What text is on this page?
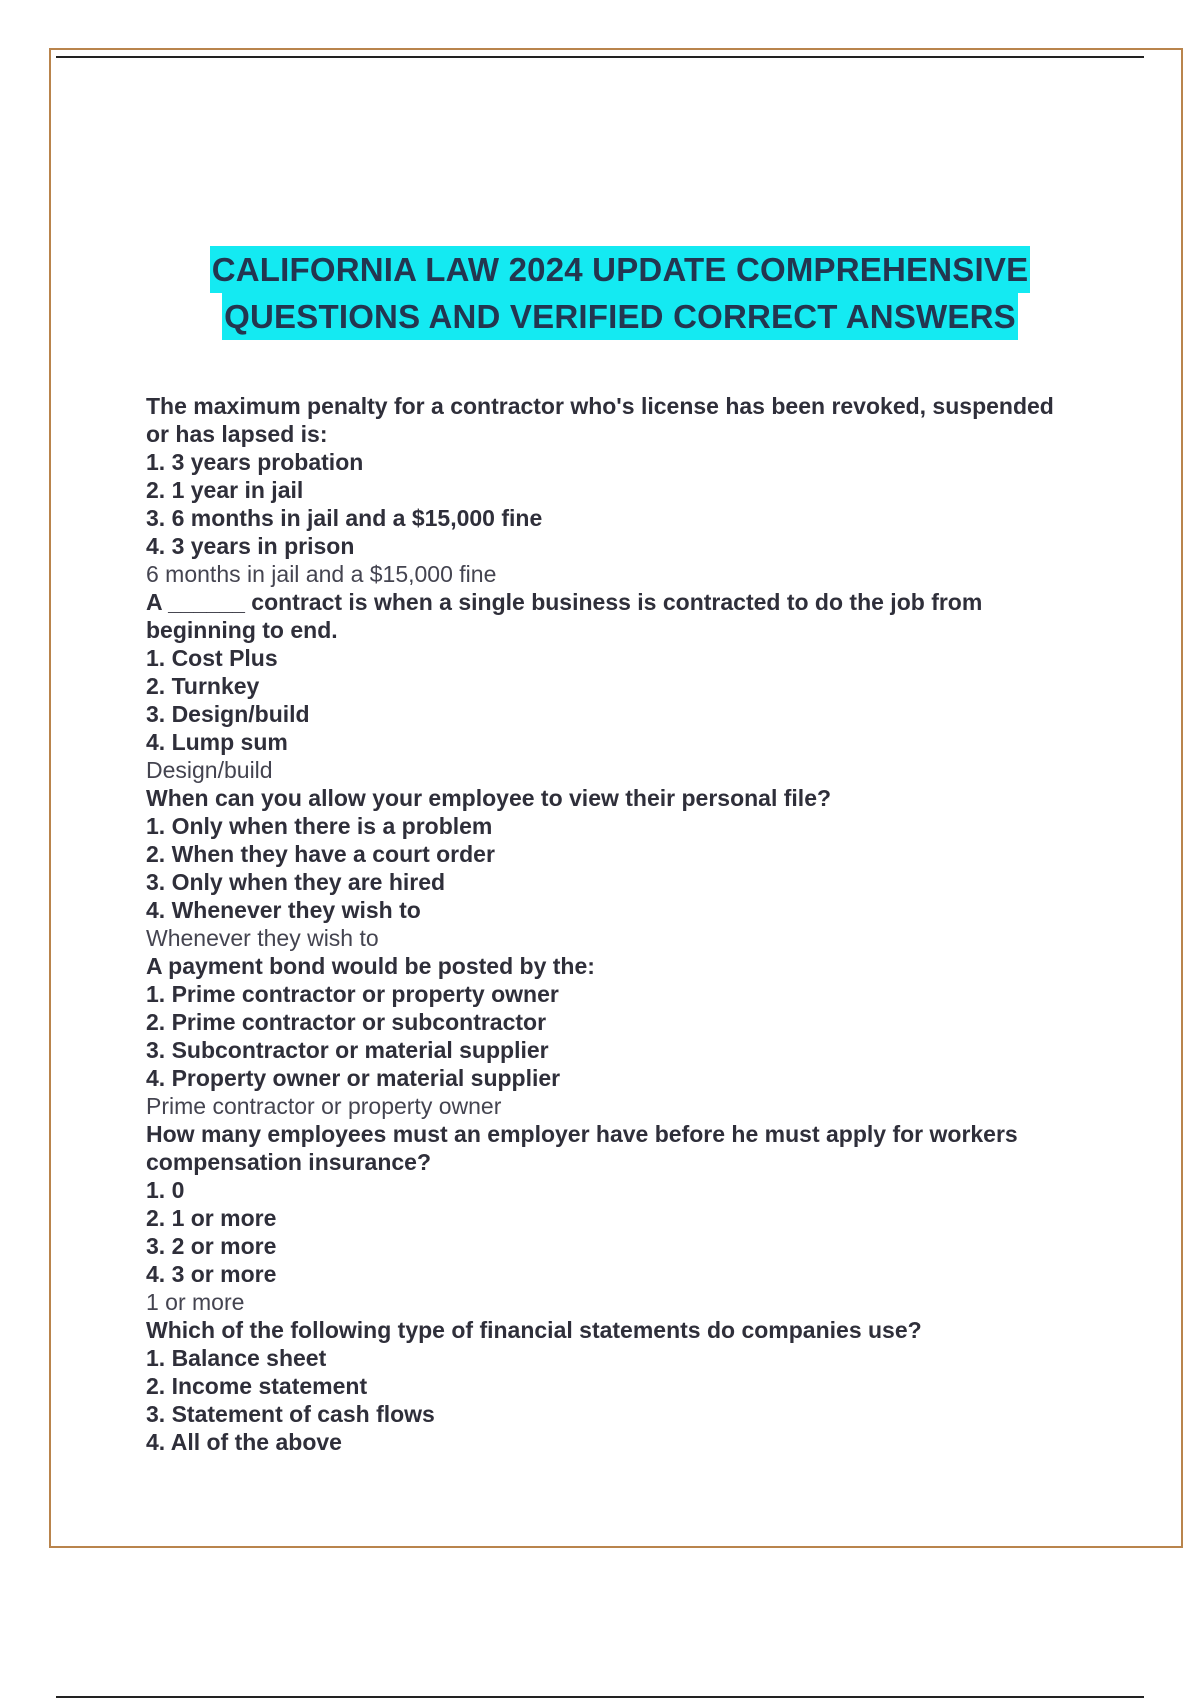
CALIFORNIA LAW 2024 UPDATE COMPREHENSIVE
QUESTIONS AND VERIFIED CORRECT ANSWERS

The maximum penalty for a contractor who's license has been revoked, suspended or has lapsed is:

1. 3 years probation

2. 1 year in jail

3. 6 months in jail and a $15,000 fine

4. 3 years in prison

6 months in jail and a $15,000 fine

A ______ contract is when a single business is contracted to do the job from beginning to end.

1. Cost Plus

2. Turnkey

3. Design/build

4. Lump sum

Design/build

When can you allow your employee to view their personal file?

1. Only when there is a problem

2. When they have a court order

3. Only when they are hired

4. Whenever they wish to

Whenever they wish to

A payment bond would be posted by the:

1. Prime contractor or property owner

2. Prime contractor or subcontractor

3. Subcontractor or material supplier

4. Property owner or material supplier

Prime contractor or property owner

How many employees must an employer have before he must apply for workers compensation insurance?

1. 0

2. 1 or more

3. 2 or more

4. 3 or more

1 or more

Which of the following type of financial statements do companies use?

1. Balance sheet

2. Income statement

3. Statement of cash flows

4. All of the above
